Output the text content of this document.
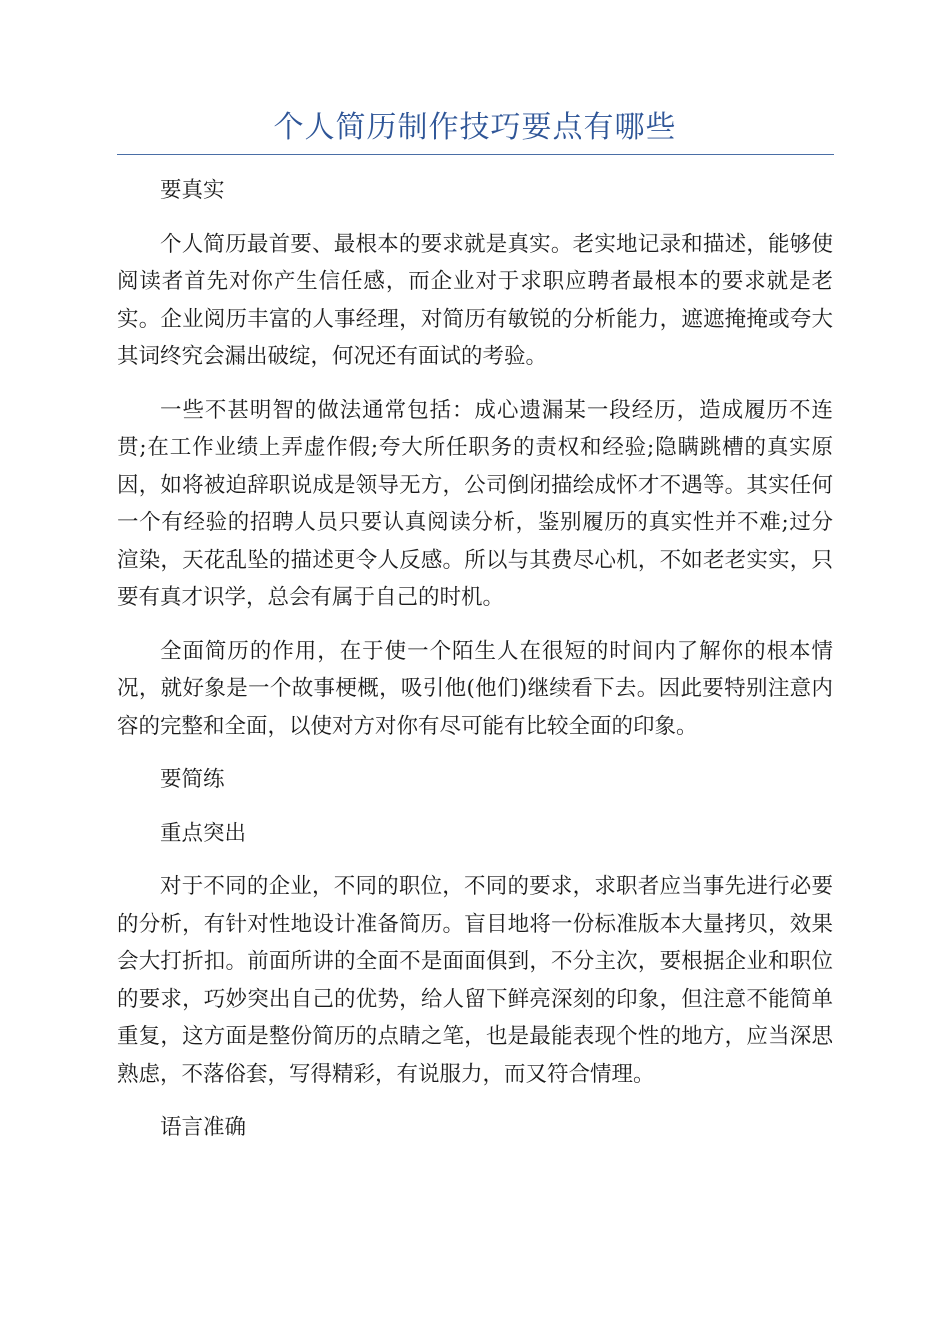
个人简历制作技巧要点有哪些

要真实

个人简历最首要、最根本的要求就是真实。老实地记录和描述，能够使阅读者首先对你产生信任感，而企业对于求职应聘者最根本的要求就是老实。企业阅历丰富的人事经理，对简历有敏锐的分析能力，遮遮掩掩或夸大其词终究会漏出破绽，何况还有面试的考验。

一些不甚明智的做法通常包括：成心遗漏某一段经历，造成履历不连贯;在工作业绩上弄虚作假;夸大所任职务的责权和经验;隐瞒跳槽的真实原因，如将被迫辞职说成是领导无方，公司倒闭描绘成怀才不遇等。其实任何一个有经验的招聘人员只要认真阅读分析，鉴别履历的真实性并不难;过分渲染，天花乱坠的描述更令人反感。所以与其费尽心机，不如老老实实，只要有真才识学，总会有属于自己的时机。

全面简历的作用，在于使一个陌生人在很短的时间内了解你的根本情况，就好象是一个故事梗概，吸引他(他们)继续看下去。因此要特别注意内容的完整和全面，以使对方对你有尽可能有比较全面的印象。

要简练

重点突出

对于不同的企业，不同的职位，不同的要求，求职者应当事先进行必要的分析，有针对性地设计准备简历。盲目地将一份标准版本大量拷贝，效果会大打折扣。前面所讲的全面不是面面俱到，不分主次，要根据企业和职位的要求，巧妙突出自己的优势，给人留下鲜亮深刻的印象，但注意不能简单重复，这方面是整份简历的点睛之笔，也是最能表现个性的地方，应当深思熟虑，不落俗套，写得精彩，有说服力，而又符合情理。

语言准确
